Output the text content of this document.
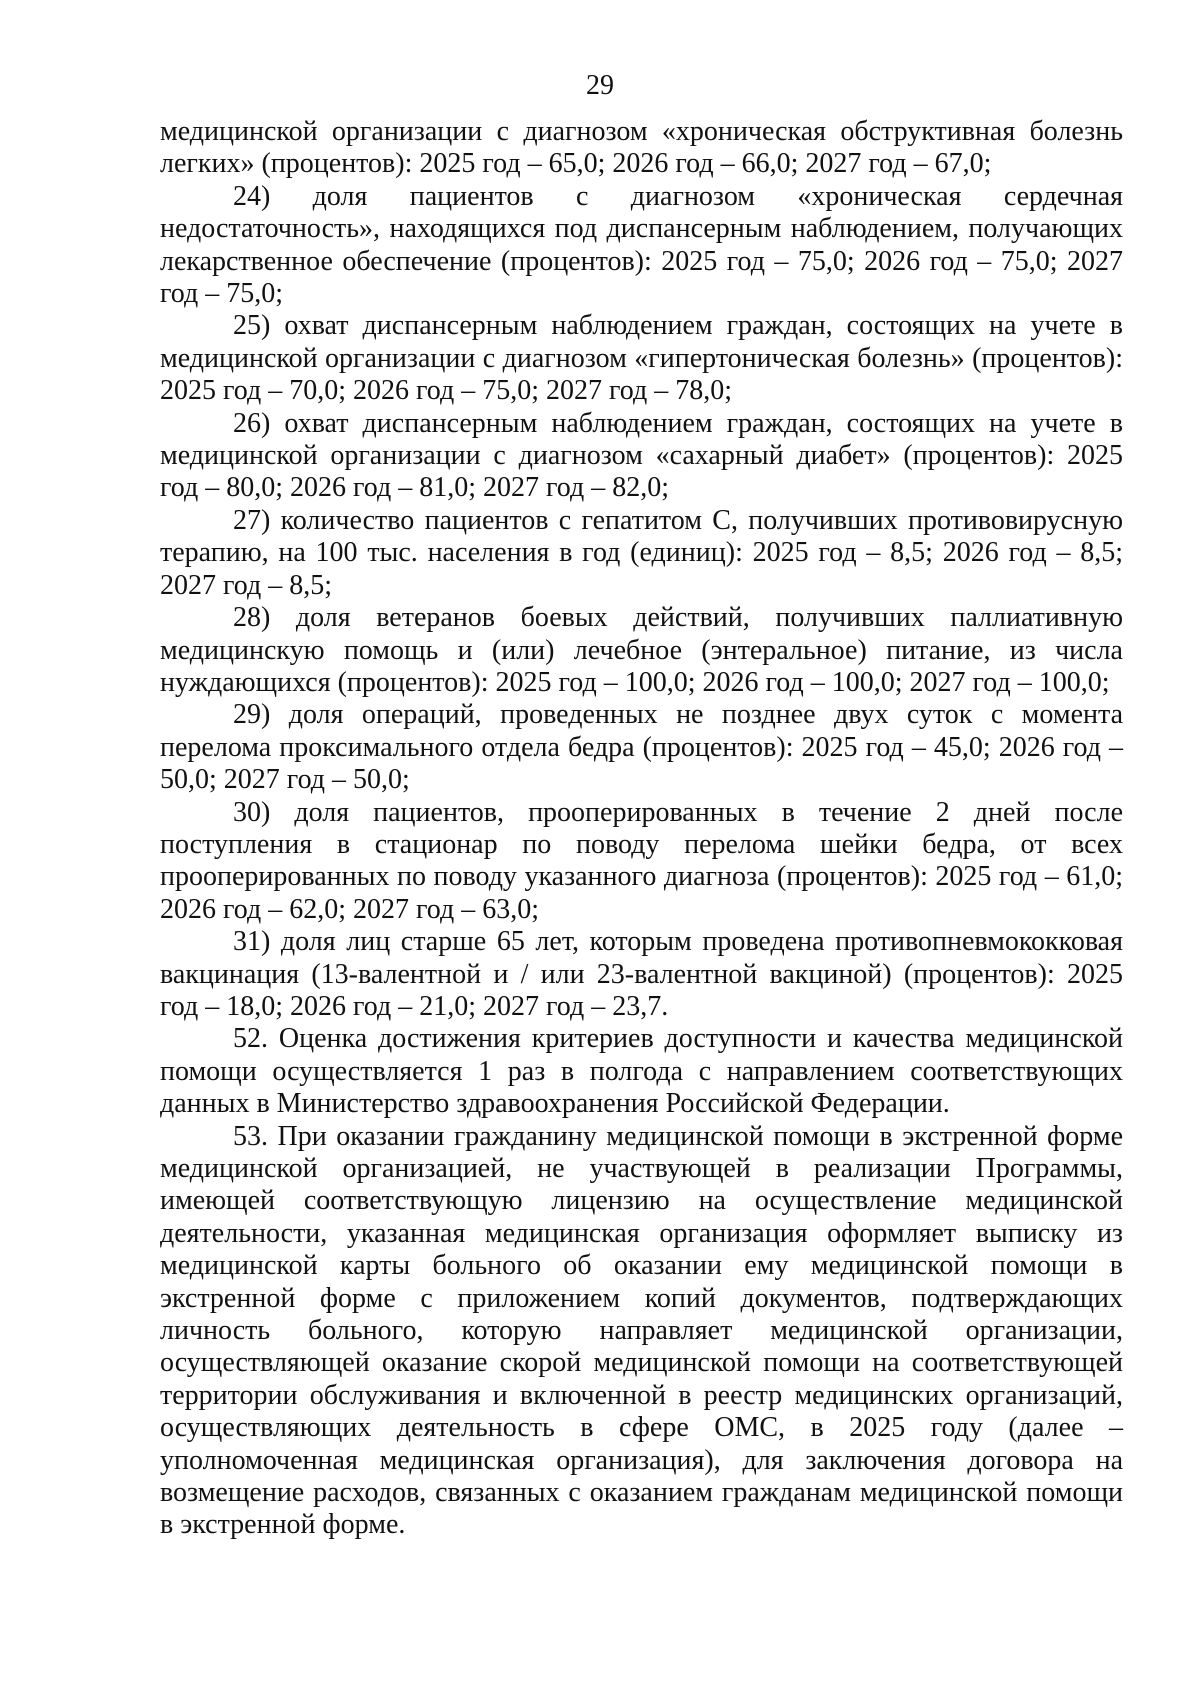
29

медицинской организации с диагнозом «хроническая обструктивная болезнь легких» (процентов): 2025 год – 65,0; 2026 год – 66,0; 2027 год – 67,0;

24) доля пациентов с диагнозом «хроническая сердечная недостаточность», находящихся под диспансерным наблюдением, получающих лекарственное обеспечение (процентов): 2025 год – 75,0; 2026 год – 75,0; 2027 год – 75,0;

25) охват диспансерным наблюдением граждан, состоящих на учете в медицинской организации с диагнозом «гипертоническая болезнь» (процентов): 2025 год – 70,0; 2026 год – 75,0; 2027 год – 78,0;

26) охват диспансерным наблюдением граждан, состоящих на учете в медицинской организации с диагнозом «сахарный диабет» (процентов): 2025 год – 80,0; 2026 год – 81,0; 2027 год – 82,0;

27) количество пациентов с гепатитом С, получивших противовирусную терапию, на 100 тыс. населения в год (единиц): 2025 год – 8,5; 2026 год – 8,5; 2027 год – 8,5;

28) доля ветеранов боевых действий, получивших паллиативную медицинскую помощь и (или) лечебное (энтеральное) питание, из числа нуждающихся (процентов): 2025 год – 100,0; 2026 год – 100,0; 2027 год – 100,0;

29) доля операций, проведенных не позднее двух суток с момента перелома проксимального отдела бедра (процентов): 2025 год – 45,0; 2026 год – 50,0; 2027 год – 50,0;

30) доля пациентов, прооперированных в течение 2 дней после поступления в стационар по поводу перелома шейки бедра, от всех прооперированных по поводу указанного диагноза (процентов): 2025 год – 61,0; 2026 год – 62,0; 2027 год – 63,0;

31) доля лиц старше 65 лет, которым проведена противопневмококковая вакцинация (13-валентной и / или 23-валентной вакциной) (процентов): 2025 год – 18,0; 2026 год – 21,0; 2027 год – 23,7.

52. Оценка достижения критериев доступности и качества медицинской помощи осуществляется 1 раз в полгода с направлением соответствующих данных в Министерство здравоохранения Российской Федерации.

53. При оказании гражданину медицинской помощи в экстренной форме медицинской организацией, не участвующей в реализации Программы, имеющей соответствующую лицензию на осуществление медицинской деятельности, указанная медицинская организация оформляет выписку из медицинской карты больного об оказании ему медицинской помощи в экстренной форме с приложением копий документов, подтверждающих личность больного, которую направляет медицинской организации, осуществляющей оказание скорой медицинской помощи на соответствующей территории обслуживания и включенной в реестр медицинских организаций, осуществляющих деятельность в сфере ОМС, в 2025 году (далее – уполномоченная медицинская организация), для заключения договора на возмещение расходов, связанных с оказанием гражданам медицинской помощи в экстренной форме.
